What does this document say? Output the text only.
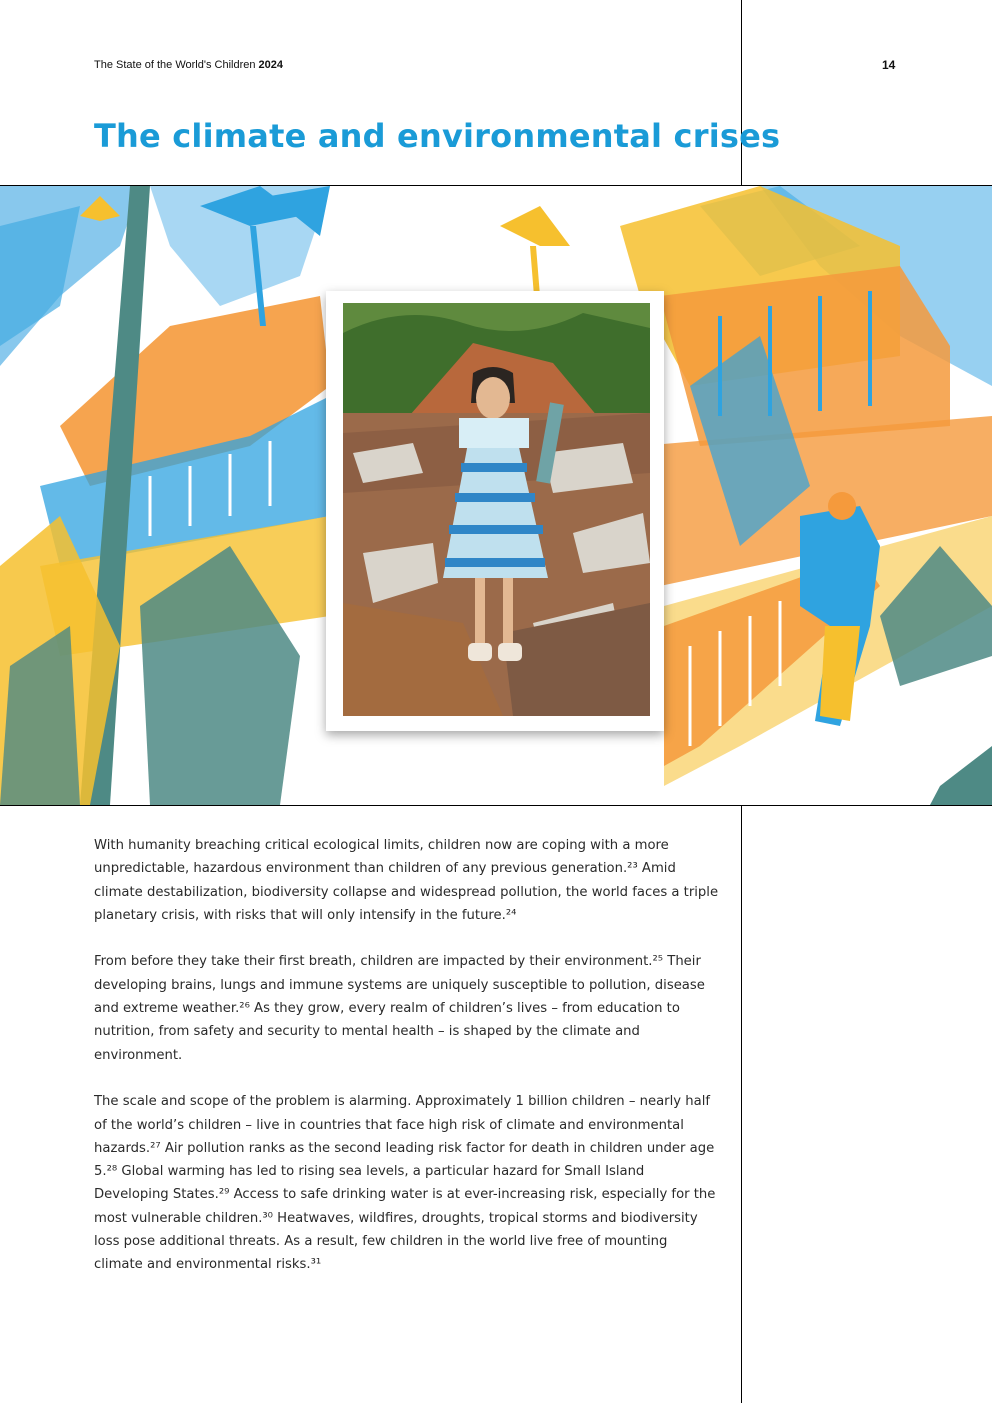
The State of the World's Children 2024	14
The climate and environmental crises

With humanity breaching critical ecological limits, children now are coping with a more unpredictable, hazardous environment than children of any previous generation.²³ Amid climate destabilization, biodiversity collapse and widespread pollution, the world faces a triple planetary crisis, with risks that will only intensify in the future.²⁴

From before they take their first breath, children are impacted by their environment.²⁵ Their developing brains, lungs and immune systems are uniquely susceptible to pollution, disease and extreme weather.²⁶ As they grow, every realm of children’s lives – from education to nutrition, from safety and security to mental health – is shaped by the climate and environment.

The scale and scope of the problem is alarming. Approximately 1 billion children – nearly half of the world’s children – live in countries that face high risk of climate and environmental hazards.²⁷ Air pollution ranks as the second leading risk factor for death in children under age 5.²⁸ Global warming has led to rising sea levels, a particular hazard for Small Island Developing States.²⁹ Access to safe drinking water is at ever-increasing risk, especially for the most vulnerable children.³⁰ Heatwaves, wildfires, droughts, tropical storms and biodiversity loss pose additional threats. As a result, few children in the world live free of mounting climate and environmental risks.³¹
